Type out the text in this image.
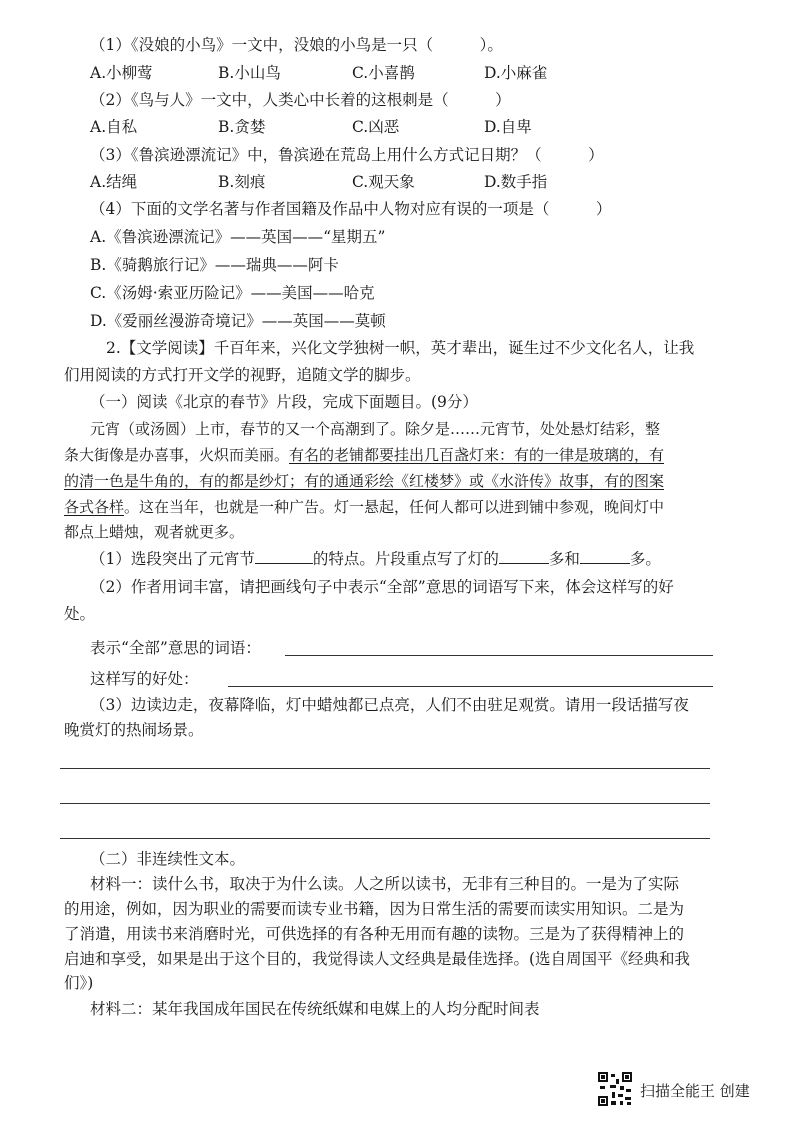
（1）《没娘的小鸟》一文中，没娘的小鸟是一只（　　　）。
A.小柳莺	B.小山鸟	C.小喜鹊	D.小麻雀
（2）《鸟与人》一文中，人类心中长着的这根刺是（　　　）
A.自私	B.贪婪	C.凶恶	D.自卑
（3）《鲁滨逊漂流记》中，鲁滨逊在荒岛上用什么方式记日期？（　　　）
A.结绳	B.刻痕	C.观天象	D.数手指
（4）下面的文学名著与作者国籍及作品中人物对应有误的一项是（　　　）
A.《鲁滨逊漂流记》——英国——“星期五”
B.《骑鹅旅行记》——瑞典——阿卡
C.《汤姆·索亚历险记》——美国——哈克
D.《爱丽丝漫游奇境记》——英国——莫顿
2.【文学阅读】千百年来，兴化文学独树一帜，英才辈出，诞生过不少文化名人，让我
们用阅读的方式打开文学的视野，追随文学的脚步。
（一）阅读《北京的春节》片段，完成下面题目。(9分）
元宵（或汤圆）上市，春节的又一个高潮到了。除夕是……元宵节，处处悬灯结彩，整
条大街像是办喜事，火炽而美丽。有名的老铺都要挂出几百盏灯来：有的一律是玻璃的，有
的清一色是牛角的，有的都是纱灯；有的通通彩绘《红楼梦》或《水浒传》故事，有的图案
各式各样。这在当年，也就是一种广告。灯一悬起，任何人都可以进到铺中参观，晚间灯中
都点上蜡烛，观者就更多。
（1）选段突出了元宵节	的特点。片段重点写了灯的	多和	多。
（2）作者用词丰富，请把画线句子中表示“全部”意思的词语写下来，体会这样写的好
处。
表示“全部”意思的词语：
这样写的好处：
（3）边读边走，夜幕降临，灯中蜡烛都已点亮，人们不由驻足观赏。请用一段话描写夜
晚赏灯的热闹场景。
（二）非连续性文本。
材料一：读什么书，取决于为什么读。人之所以读书，无非有三种目的。一是为了实际
的用途，例如，因为职业的需要而读专业书籍，因为日常生活的需要而读实用知识。二是为
了消遣，用读书来消磨时光，可供选择的有各种无用而有趣的读物。三是为了获得精神上的
启迪和享受，如果是出于这个目的，我觉得读人文经典是最佳选择。(选自周国平《经典和我
们》)
材料二：某年我国成年国民在传统纸媒和电媒上的人均分配时间表
扫描全能王 创建
